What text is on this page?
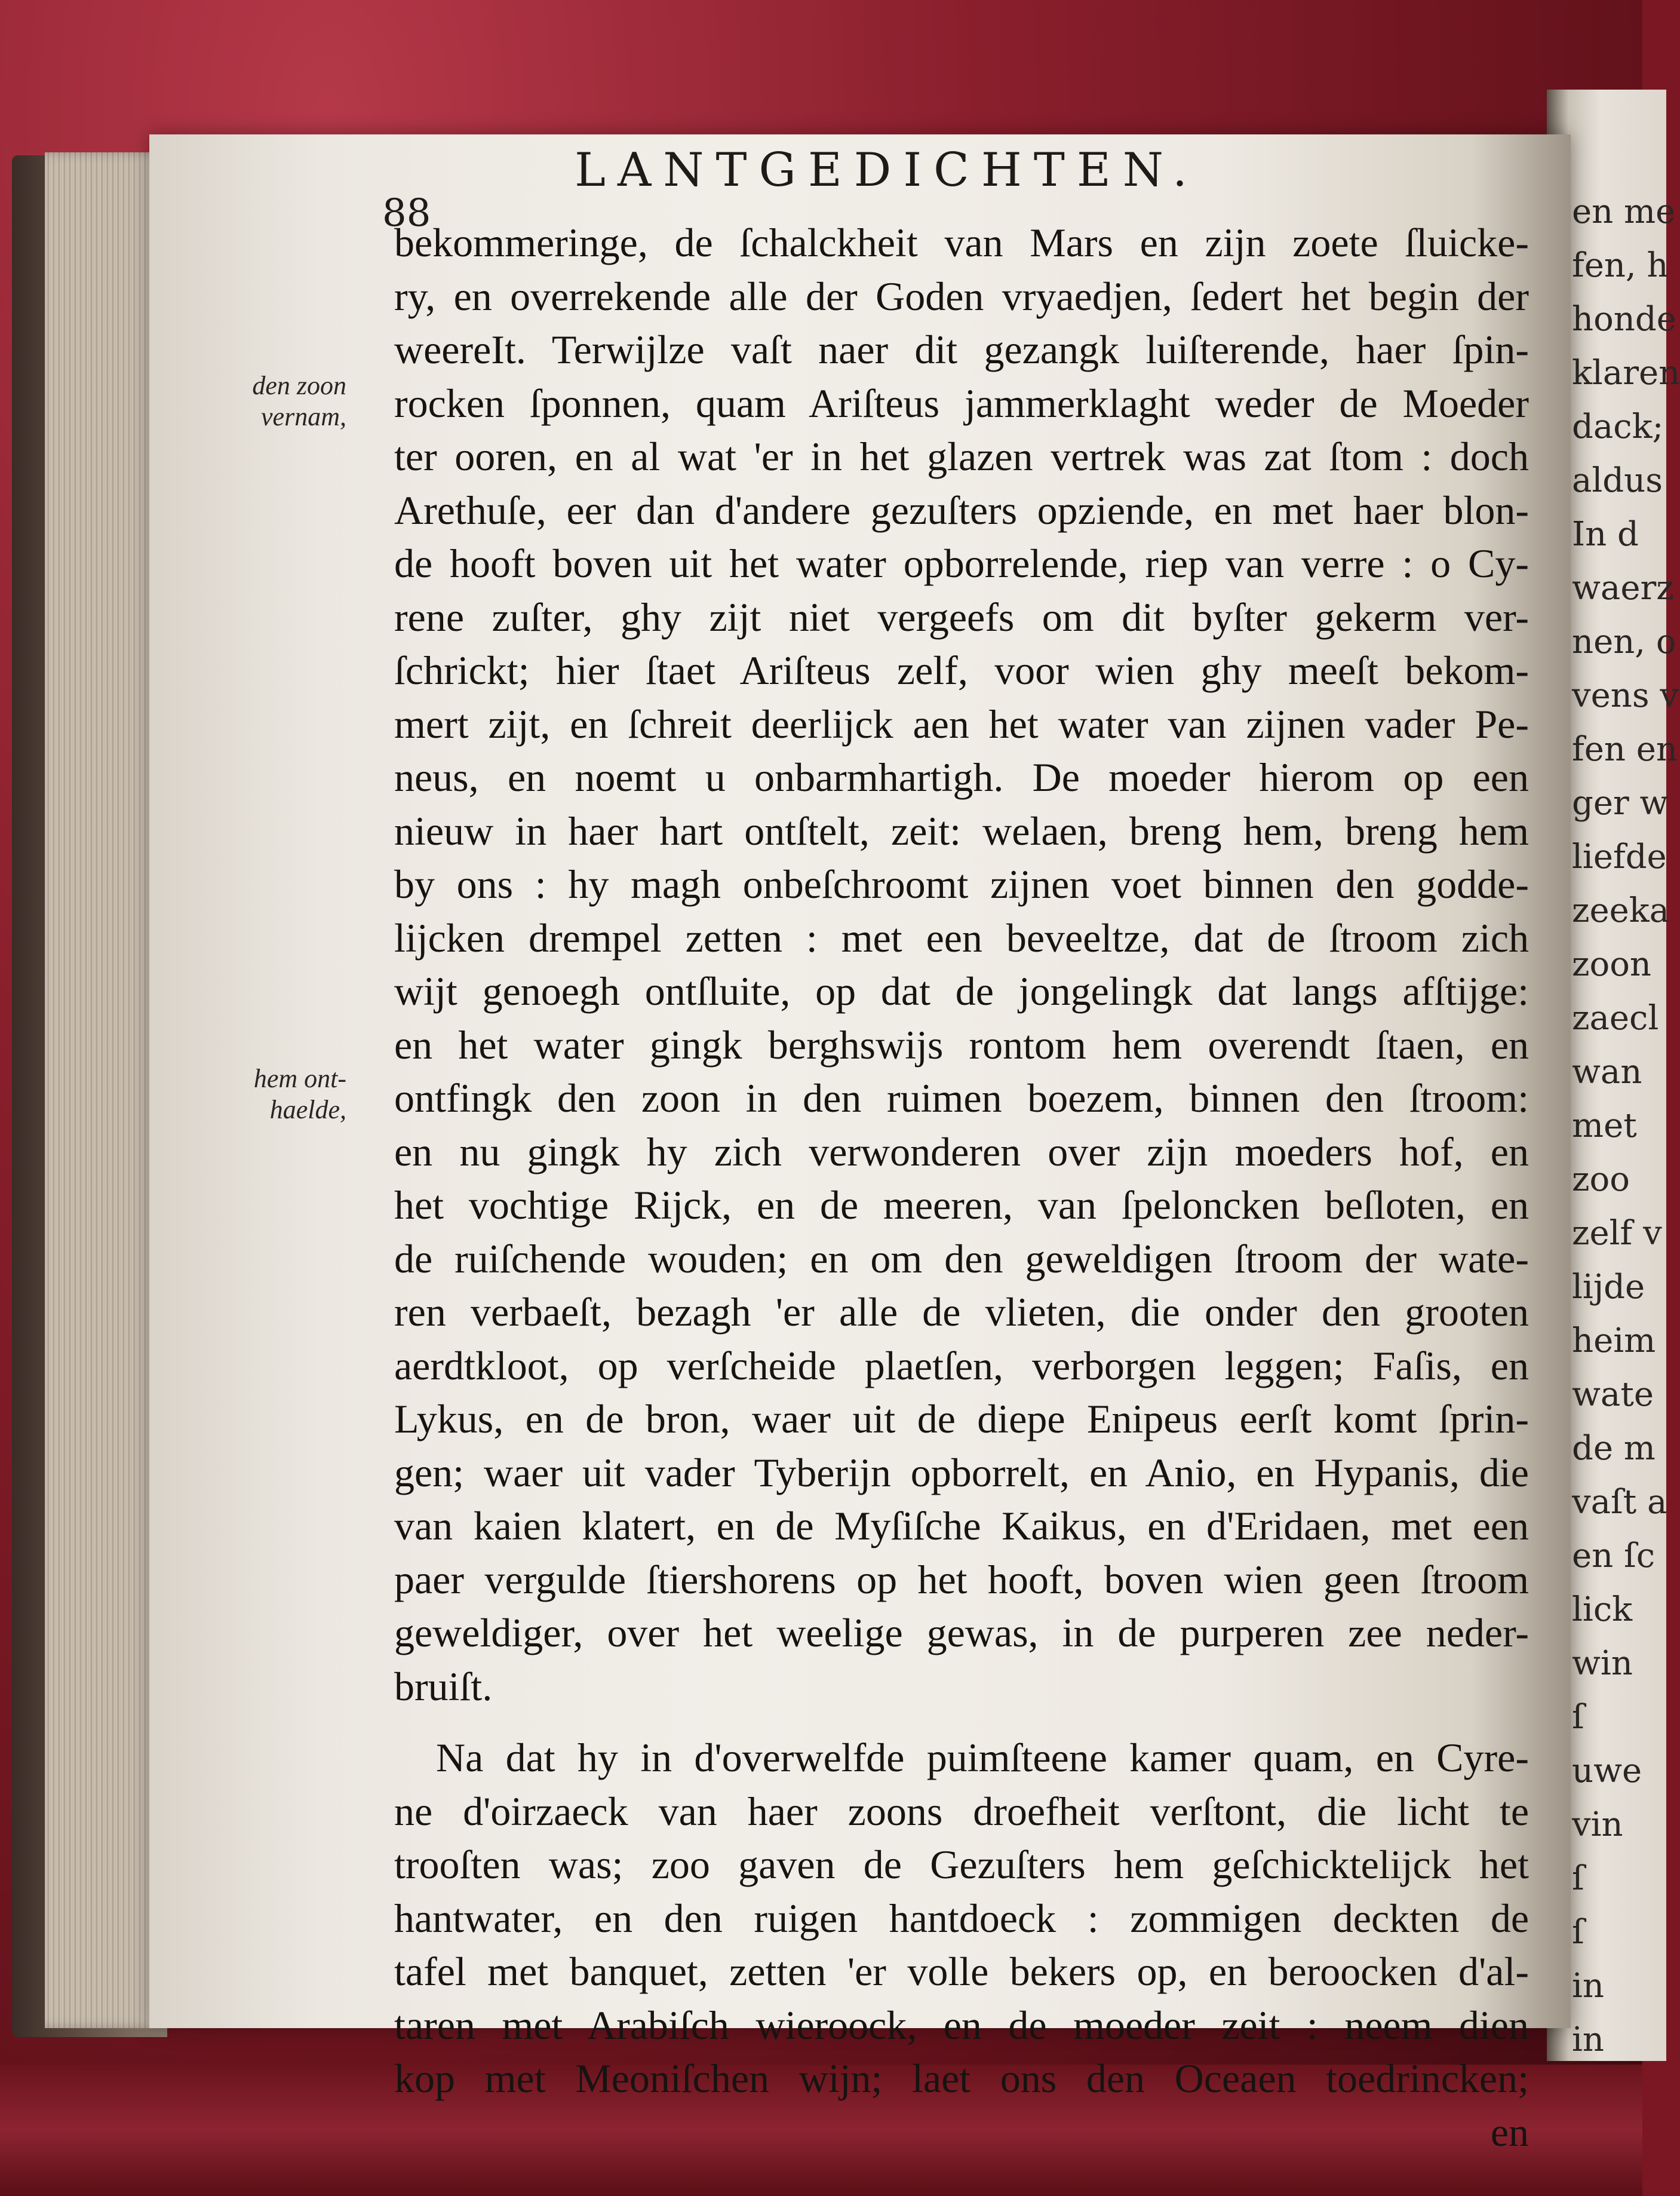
en me
fen, h
honde
klaren
dack;
aldus
In d
waerz
nen, o
vens v
fen en
ger w
liefde
zeeka
zoon
zaecl
wan
met
zoo
zelf v
lijde
heim
wate
de m
vaſt a
en ſc
lick
win
ſ
uwe
vin
ſ
ſ
in
in
LANTGEDICHTEN.
88
den zoon
vernam,
hem ont-
haelde,
bekommeringe, de ſchalckheit van Mars en zijn zoete ſluicke-
ry, en overrekende alle der Goden vryaedjen, ſedert het begin der
weereIt. Terwijlze vaſt naer dit gezangk luiſterende, haer ſpin-
rocken ſponnen, quam Ariſteus jammerklaght weder de Moeder
ter ooren, en al wat 'er in het glazen vertrek was zat ſtom : doch
Arethuſe, eer dan d'andere gezuſters opziende, en met haer blon-
de hooft boven uit het water opborrelende, riep van verre : o Cy-
rene zuſter, ghy zijt niet vergeefs om dit byſter gekerm ver-
ſchrickt; hier ſtaet Ariſteus zelf, voor wien ghy meeſt bekom-
mert zijt, en ſchreit deerlijck aen het water van zijnen vader Pe-
neus, en noemt u onbarmhartigh. De moeder hierom op een
nieuw in haer hart ontſtelt, zeit: welaen, breng hem, breng hem
by ons : hy magh onbeſchroomt zijnen voet binnen den godde-
lijcken drempel zetten : met een beveeltze, dat de ſtroom zich
wijt genoegh ontſluite, op dat de jongelingk dat langs afſtijge:
en het water gingk berghswijs rontom hem overendt ſtaen, en
ontfingk den zoon in den ruimen boezem, binnen den ſtroom:
en nu gingk hy zich verwonderen over zijn moeders hof, en
het vochtige Rijck, en de meeren, van ſpeloncken beſloten, en
de ruiſchende wouden; en om den geweldigen ſtroom der wate-
ren verbaeſt, bezagh 'er alle de vlieten, die onder den grooten
aerdtkloot, op verſcheide plaetſen, verborgen leggen; Faſis, en
Lykus, en de bron, waer uit de diepe Enipeus eerſt komt ſprin-
gen; waer uit vader Tyberijn opborrelt, en Anio, en Hypanis, die
van kaien klatert, en de Myſiſche Kaikus, en d'Eridaen, met een
paer vergulde ſtiershorens op het hooft, boven wien geen ſtroom
geweldiger, over het weelige gewas, in de purperen zee neder-
bruiſt.
Na dat hy in d'overwelfde puimſteene kamer quam, en Cyre-
ne d'oirzaeck van haer zoons droefheit verſtont, die licht te
trooſten was; zoo gaven de Gezuſters hem geſchicktelijck het
hantwater, en den ruigen hantdoeck : zommigen deckten de
tafel met banquet, zetten 'er volle bekers op, en beroocken d'al-
taren met Arabiſch wieroock, en de moeder zeit : neem dien
kop met Meoniſchen wijn; laet ons den Oceaen toedrincken;
en
